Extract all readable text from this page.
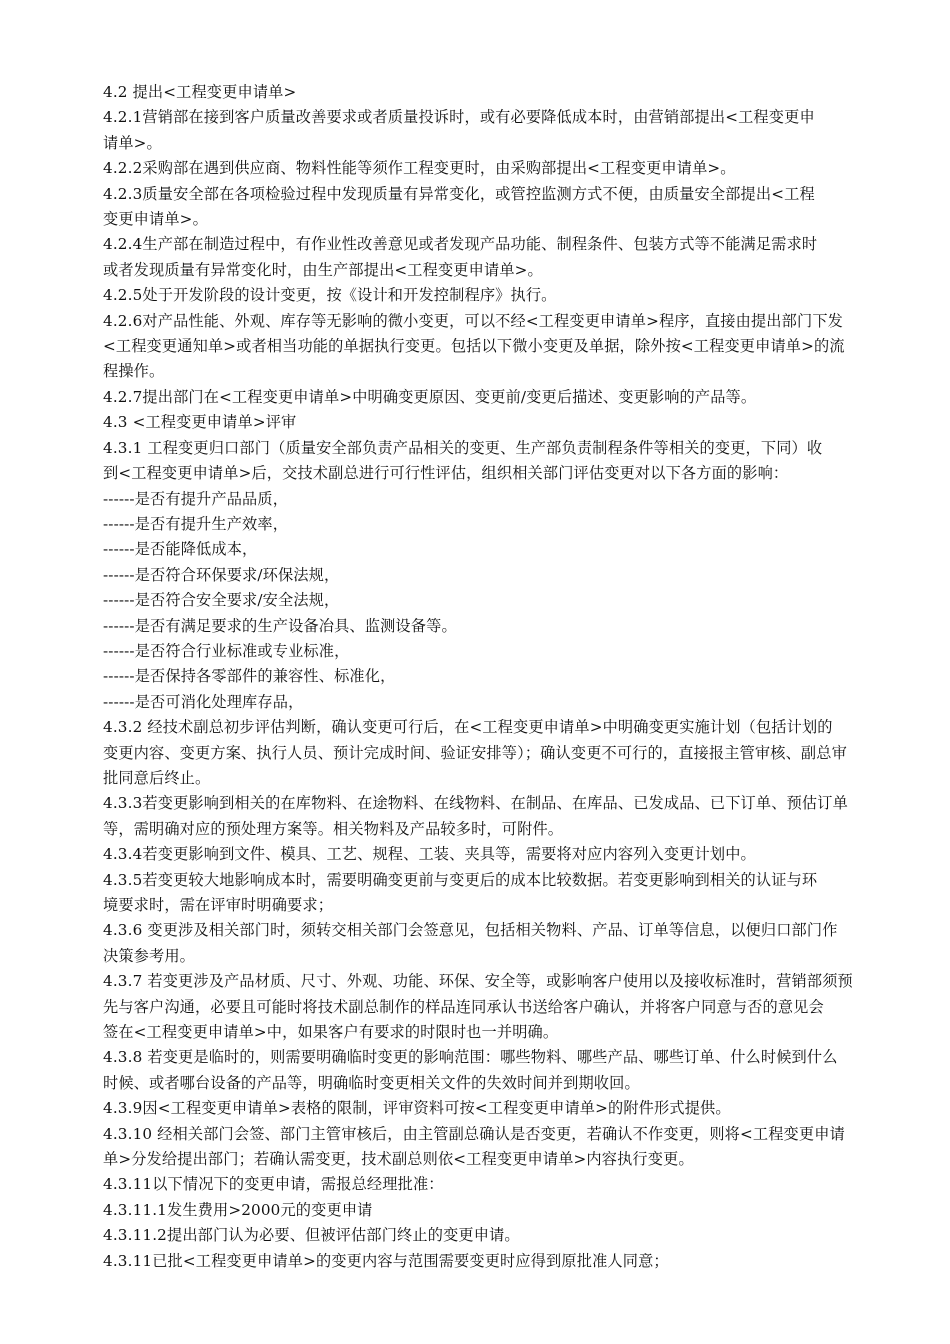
4.2 提出<工程变更申请单>
4.2.1营销部在接到客户质量改善要求或者质量投诉时，或有必要降低成本时，由营销部提出<工程变更申
请单>。
4.2.2采购部在遇到供应商、物料性能等须作工程变更时，由采购部提出<工程变更申请单>。
4.2.3质量安全部在各项检验过程中发现质量有异常变化，或管控监测方式不便，由质量安全部提出<工程
变更申请单>。
4.2.4生产部在制造过程中，有作业性改善意见或者发现产品功能、制程条件、包装方式等不能满足需求时
或者发现质量有异常变化时，由生产部提出<工程变更申请单>。
4.2.5处于开发阶段的设计变更，按《设计和开发控制程序》执行。
4.2.6对产品性能、外观、库存等无影响的微小变更，可以不经<工程变更申请单>程序，直接由提出部门下发
<工程变更通知单>或者相当功能的单据执行变更。包括以下微小变更及单据，除外按<工程变更申请单>的流
程操作。
4.2.7提出部门在<工程变更申请单>中明确变更原因、变更前/变更后描述、变更影响的产品等。
4.3 <工程变更申请单>评审
4.3.1 工程变更归口部门（质量安全部负责产品相关的变更、生产部负责制程条件等相关的变更，下同）收
到<工程变更申请单>后，交技术副总进行可行性评估，组织相关部门评估变更对以下各方面的影响：
------是否有提升产品品质，
------是否有提升生产效率，
------是否能降低成本，
------是否符合环保要求/环保法规，
------是否符合安全要求/安全法规，
------是否有满足要求的生产设备冶具、监测设备等。
------是否符合行业标准或专业标准，
------是否保持各零部件的兼容性、标准化，
------是否可消化处理库存品，
4.3.2 经技术副总初步评估判断，确认变更可行后，在<工程变更申请单>中明确变更实施计划（包括计划的
变更内容、变更方案、执行人员、预计完成时间、验证安排等）；确认变更不可行的，直接报主管审核、副总审
批同意后终止。
4.3.3若变更影响到相关的在库物料、在途物料、在线物料、在制品、在库品、已发成品、已下订单、预估订单
等，需明确对应的预处理方案等。相关物料及产品较多时，可附件。
4.3.4若变更影响到文件、模具、工艺、规程、工装、夹具等，需要将对应内容列入变更计划中。
4.3.5若变更较大地影响成本时，需要明确变更前与变更后的成本比较数据。若变更影响到相关的认证与环
境要求时，需在评审时明确要求；
4.3.6 变更涉及相关部门时，须转交相关部门会签意见，包括相关物料、产品、订单等信息，以便归口部门作
决策参考用。
4.3.7 若变更涉及产品材质、尺寸、外观、功能、环保、安全等，或影响客户使用以及接收标准时，营销部须预
先与客户沟通，必要且可能时将技术副总制作的样品连同承认书送给客户确认，并将客户同意与否的意见会
签在<工程变更申请单>中，如果客户有要求的时限时也一并明确。
4.3.8 若变更是临时的，则需要明确临时变更的影响范围：哪些物料、哪些产品、哪些订单、什么时候到什么
时候、或者哪台设备的产品等，明确临时变更相关文件的失效时间并到期收回。
4.3.9因<工程变更申请单>表格的限制，评审资料可按<工程变更申请单>的附件形式提供。
4.3.10 经相关部门会签、部门主管审核后，由主管副总确认是否变更，若确认不作变更，则将<工程变更申请
单>分发给提出部门；若确认需变更，技术副总则依<工程变更申请单>内容执行变更。
4.3.11以下情况下的变更申请，需报总经理批准：
4.3.11.1发生费用>2000元的变更申请
4.3.11.2提出部门认为必要、但被评估部门终止的变更申请。
4.3.11已批<工程变更申请单>的变更内容与范围需要变更时应得到原批准人同意；
